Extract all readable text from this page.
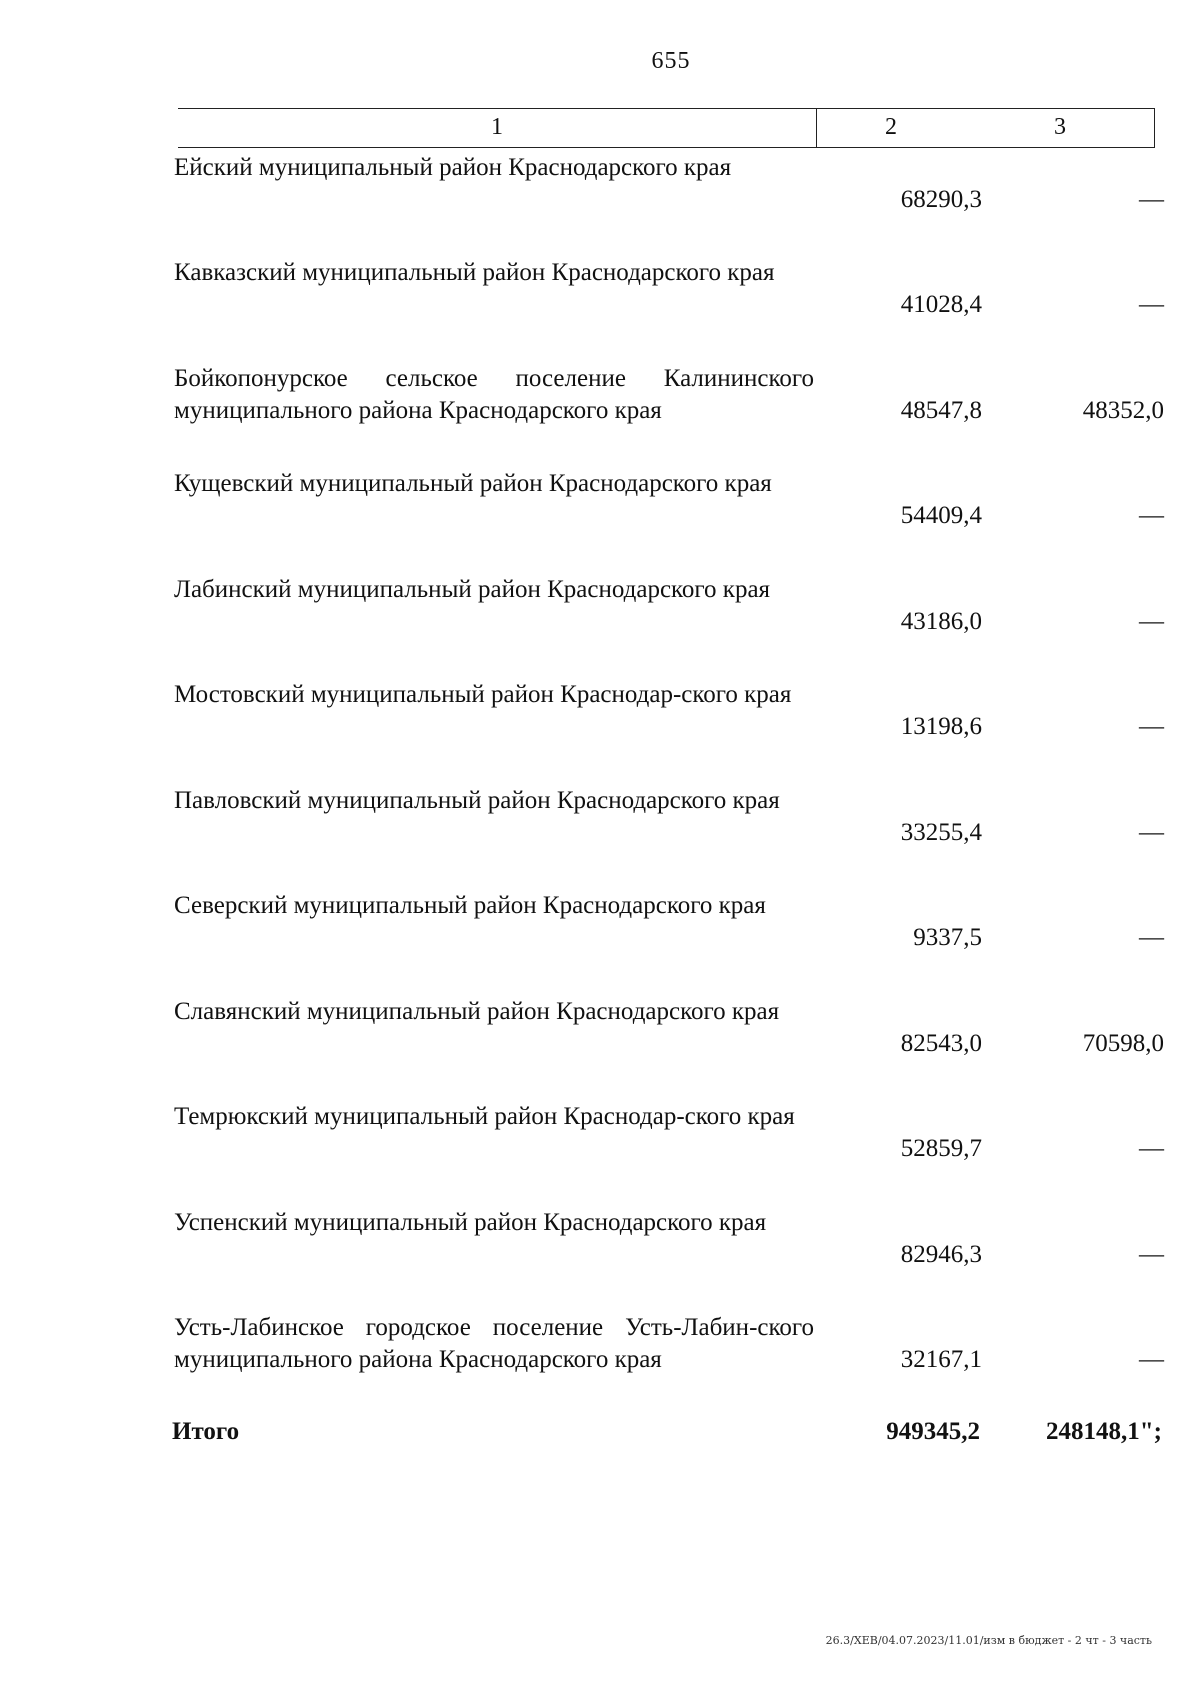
655
1	2	3
Ейский муниципальный район Краснодарского края
68290,3	—
Кавказский муниципальный район Краснодарского края
41028,4	—
Бойкопонурское сельское поселение Калининского муниципального района Краснодарского края	48547,8	48352,0
Кущевский муниципальный район Краснодарского края
54409,4	—
Лабинский муниципальный район Краснодарского края
43186,0	—
Мостовский муниципальный район Краснодар-ского края
13198,6	—
Павловский муниципальный район Краснодарского края
33255,4	—
Северский муниципальный район Краснодарского края
9337,5	—
Славянский муниципальный район Краснодарского края
82543,0	70598,0
Темрюкский муниципальный район Краснодар-ского края
52859,7	—
Успенский муниципальный район Краснодарского края
82946,3	—
Усть-Лабинское городское поселение Усть-Лабин-ского муниципального района Краснодарского края	32167,1	—
Итого	949345,2	248148,1";
26.3/ХЕВ/04.07.2023/11.01/изм в бюджет - 2 чт - 3 часть
